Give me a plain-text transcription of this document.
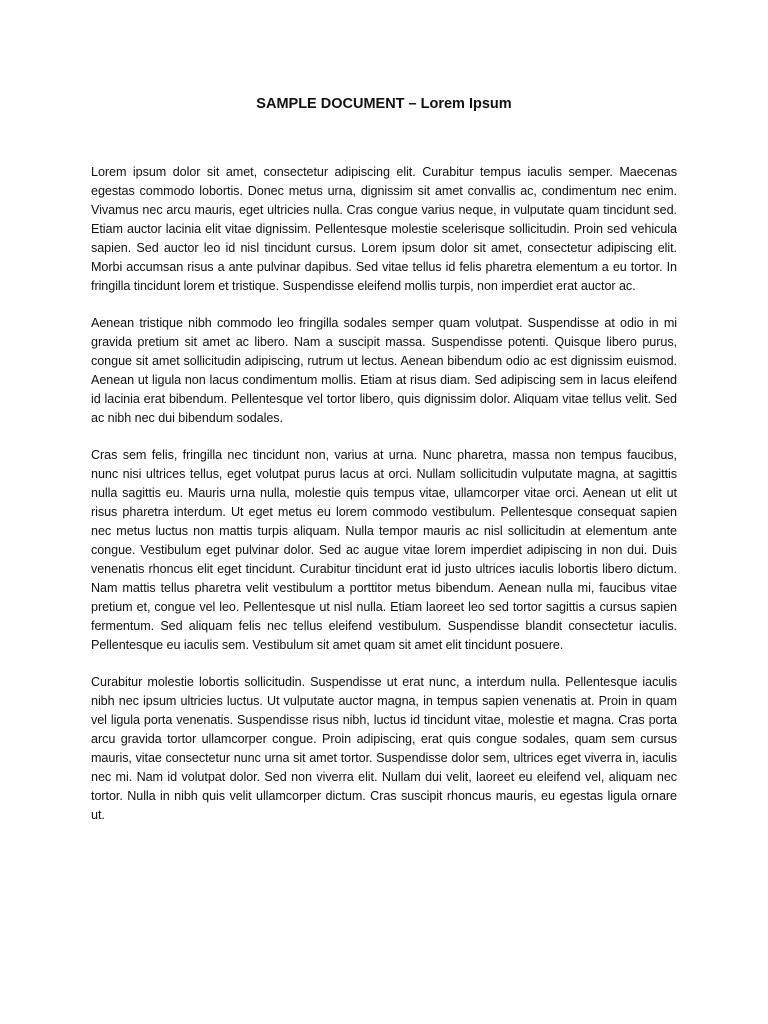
SAMPLE DOCUMENT – Lorem Ipsum

Lorem ipsum dolor sit amet, consectetur adipiscing elit. Curabitur tempus iaculis semper. Maecenas egestas commodo lobortis. Donec metus urna, dignissim sit amet convallis ac, condimentum nec enim. Vivamus nec arcu mauris, eget ultricies nulla. Cras congue varius neque, in vulputate quam tincidunt sed. Etiam auctor lacinia elit vitae dignissim. Pellentesque molestie scelerisque sollicitudin. Proin sed vehicula sapien. Sed auctor leo id nisl tincidunt cursus. Lorem ipsum dolor sit amet, consectetur adipiscing elit. Morbi accumsan risus a ante pulvinar dapibus. Sed vitae tellus id felis pharetra elementum a eu tortor. In fringilla tincidunt lorem et tristique. Suspendisse eleifend mollis turpis, non imperdiet erat auctor ac.

Aenean tristique nibh commodo leo fringilla sodales semper quam volutpat. Suspendisse at odio in mi gravida pretium sit amet ac libero. Nam a suscipit massa. Suspendisse potenti. Quisque libero purus, congue sit amet sollicitudin adipiscing, rutrum ut lectus. Aenean bibendum odio ac est dignissim euismod. Aenean ut ligula non lacus condimentum mollis. Etiam at risus diam. Sed adipiscing sem in lacus eleifend id lacinia erat bibendum. Pellentesque vel tortor libero, quis dignissim dolor. Aliquam vitae tellus velit. Sed ac nibh nec dui bibendum sodales.

Cras sem felis, fringilla nec tincidunt non, varius at urna. Nunc pharetra, massa non tempus faucibus, nunc nisi ultrices tellus, eget volutpat purus lacus at orci. Nullam sollicitudin vulputate magna, at sagittis nulla sagittis eu. Mauris urna nulla, molestie quis tempus vitae, ullamcorper vitae orci. Aenean ut elit ut risus pharetra interdum. Ut eget metus eu lorem commodo vestibulum. Pellentesque consequat sapien nec metus luctus non mattis turpis aliquam. Nulla tempor mauris ac nisl sollicitudin at elementum ante congue. Vestibulum eget pulvinar dolor. Sed ac augue vitae lorem imperdiet adipiscing in non dui. Duis venenatis rhoncus elit eget tincidunt. Curabitur tincidunt erat id justo ultrices iaculis lobortis libero dictum. Nam mattis tellus pharetra velit vestibulum a porttitor metus bibendum. Aenean nulla mi, faucibus vitae pretium et, congue vel leo. Pellentesque ut nisl nulla. Etiam laoreet leo sed tortor sagittis a cursus sapien fermentum. Sed aliquam felis nec tellus eleifend vestibulum. Suspendisse blandit consectetur iaculis. Pellentesque eu iaculis sem. Vestibulum sit amet quam sit amet elit tincidunt posuere.

Curabitur molestie lobortis sollicitudin. Suspendisse ut erat nunc, a interdum nulla. Pellentesque iaculis nibh nec ipsum ultricies luctus. Ut vulputate auctor magna, in tempus sapien venenatis at. Proin in quam vel ligula porta venenatis. Suspendisse risus nibh, luctus id tincidunt vitae, molestie et magna. Cras porta arcu gravida tortor ullamcorper congue. Proin adipiscing, erat quis congue sodales, quam sem cursus mauris, vitae consectetur nunc urna sit amet tortor. Suspendisse dolor sem, ultrices eget viverra in, iaculis nec mi. Nam id volutpat dolor. Sed non viverra elit. Nullam dui velit, laoreet eu eleifend vel, aliquam nec tortor. Nulla in nibh quis velit ullamcorper dictum. Cras suscipit rhoncus mauris, eu egestas ligula ornare ut.
